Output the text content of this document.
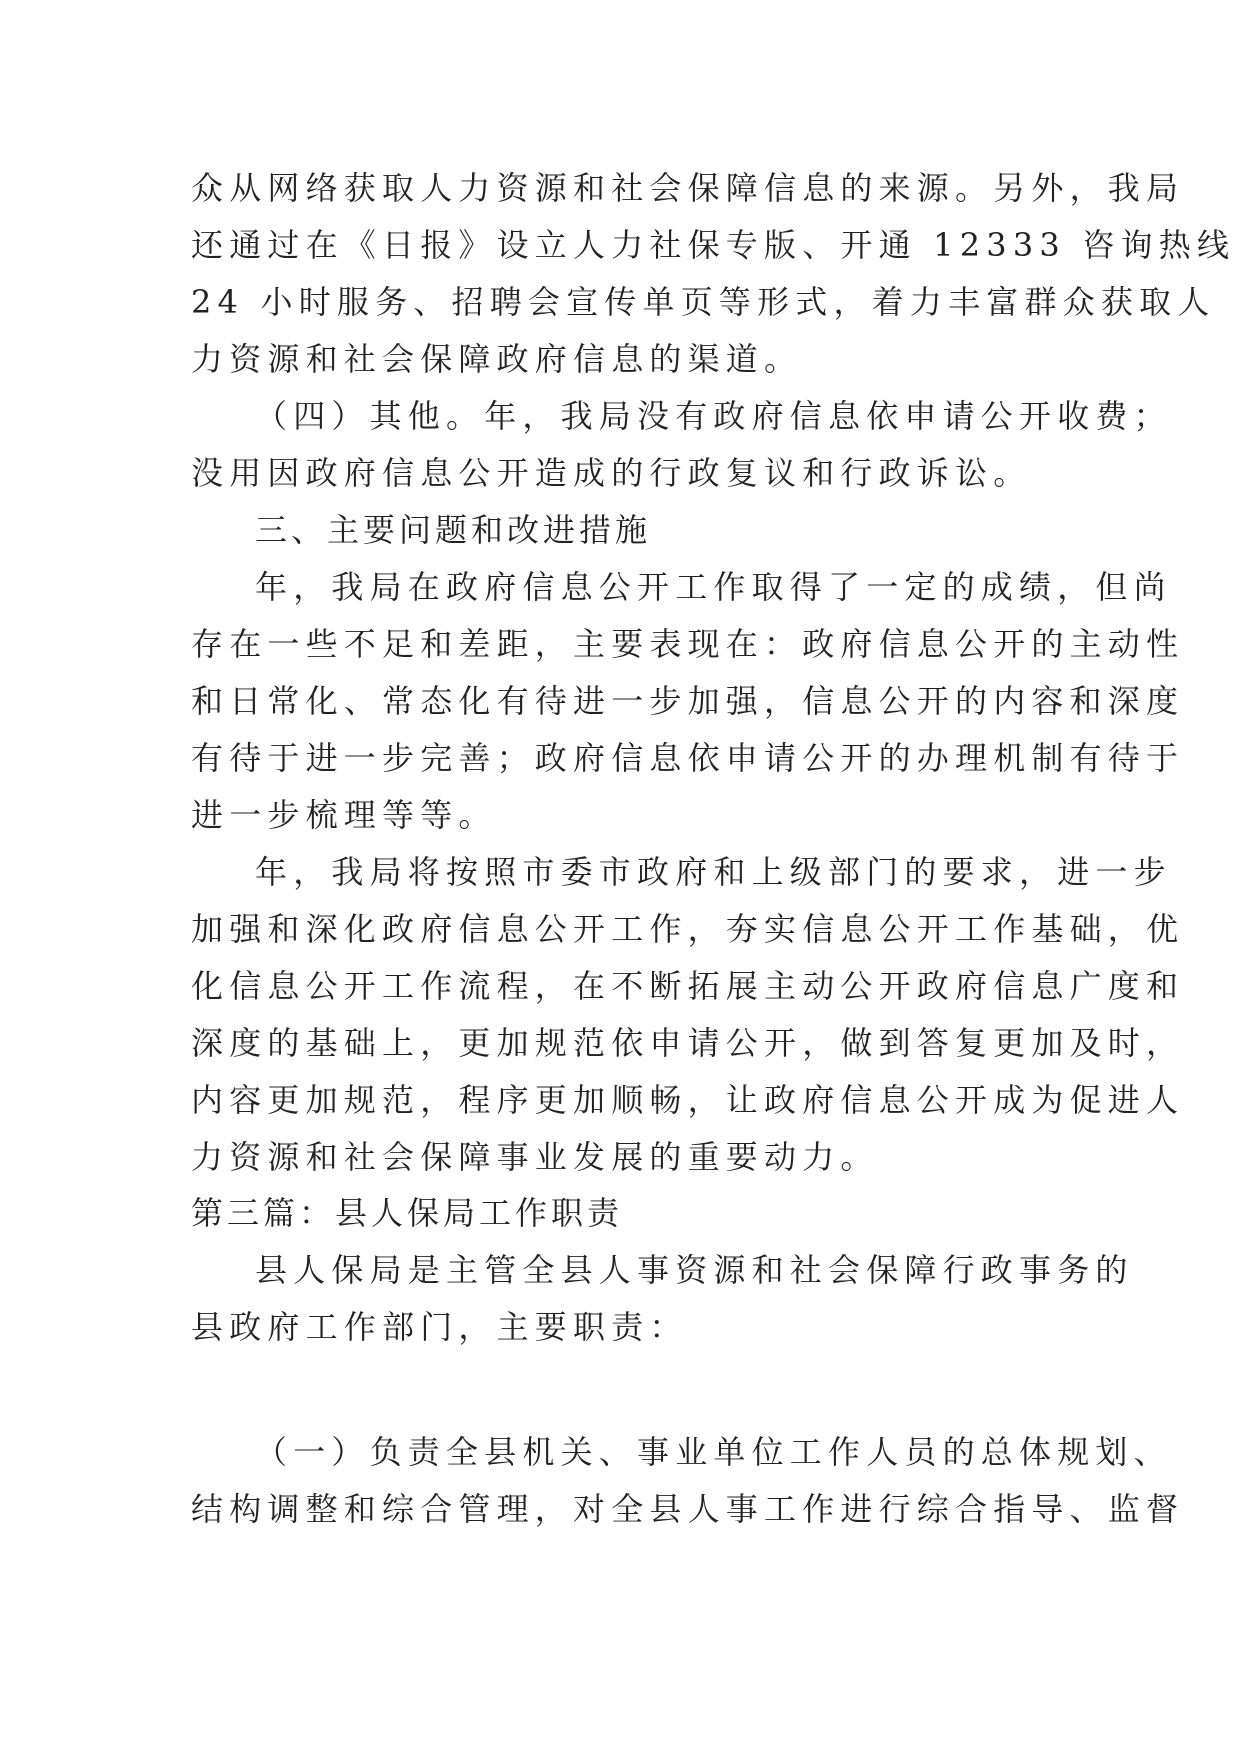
众从网络获取人力资源和社会保障信息的来源。另外，我局
还通过在《日报》设立人力社保专版、开通 12333 咨询热线
24 小时服务、招聘会宣传单页等形式，着力丰富群众获取人
力资源和社会保障政府信息的渠道。
（四）其他。年，我局没有政府信息依申请公开收费；
没用因政府信息公开造成的行政复议和行政诉讼。
三、主要问题和改进措施
年，我局在政府信息公开工作取得了一定的成绩，但尚
存在一些不足和差距，主要表现在：政府信息公开的主动性
和日常化、常态化有待进一步加强，信息公开的内容和深度
有待于进一步完善；政府信息依申请公开的办理机制有待于
进一步梳理等等。
年，我局将按照市委市政府和上级部门的要求，进一步
加强和深化政府信息公开工作，夯实信息公开工作基础，优
化信息公开工作流程，在不断拓展主动公开政府信息广度和
深度的基础上，更加规范依申请公开，做到答复更加及时，
内容更加规范，程序更加顺畅，让政府信息公开成为促进人
力资源和社会保障事业发展的重要动力。
第三篇：县人保局工作职责
县人保局是主管全县人事资源和社会保障行政事务的
县政府工作部门，主要职责：
（一）负责全县机关、事业单位工作人员的总体规划、
结构调整和综合管理，对全县人事工作进行综合指导、监督
